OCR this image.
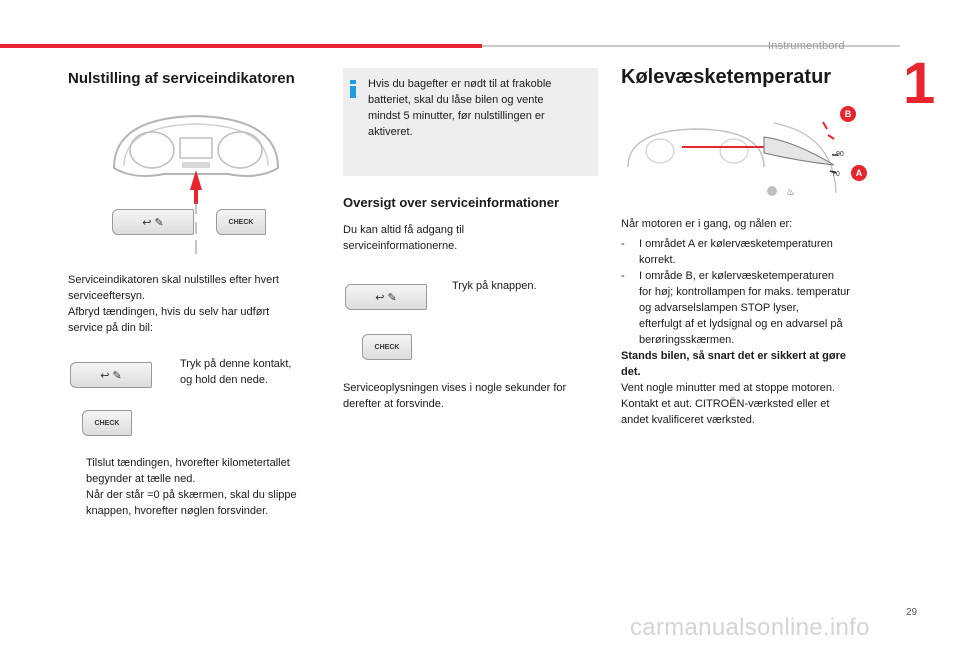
Instrumentbord
1
Nulstilling af serviceindikatoren
↩ ✎	CHECK
Serviceindikatoren skal nulstilles efter hvert
serviceeftersyn.
Afbryd tændingen, hvis du selv har udført
service på din bil:
↩ ✎
CHECK
Tryk på denne kontakt,
og hold den nede.
Tilslut tændingen, hvorefter kilometertallet
begynder at tælle ned.
Når der står =0 på skærmen, skal du slippe
knappen, hvorefter nøglen forsvinder.
Hvis du bagefter er nødt til at frakoble
batteriet, skal du låse bilen og vente
mindst 5 minutter, før nulstillingen er
aktiveret.
Oversigt over serviceinformationer
Du kan altid få adgang til
serviceinformationerne.
↩ ✎
Tryk på knappen.
CHECK
Serviceoplysningen vises i nogle sekunder for
derefter at forsvinde.
Kølevæsketemperatur
♨
90
70
B
A
Når motoren er i gang, og nålen er:
- I området A er kølervæsketemperaturen
korrekt.
- I område B, er kølervæsketemperaturen
for høj; kontrollampen for maks. temperatur
og advarselslampen STOP lyser,
efterfulgt af et lydsignal og en advarsel på
berøringsskærmen.
Stands bilen, så snart det er sikkert at gøre
det.
Vent nogle minutter med at stoppe motoren.
Kontakt et aut. CITROËN-værksted eller et
andet kvalificeret værksted.
29
carmanualsonline.info
